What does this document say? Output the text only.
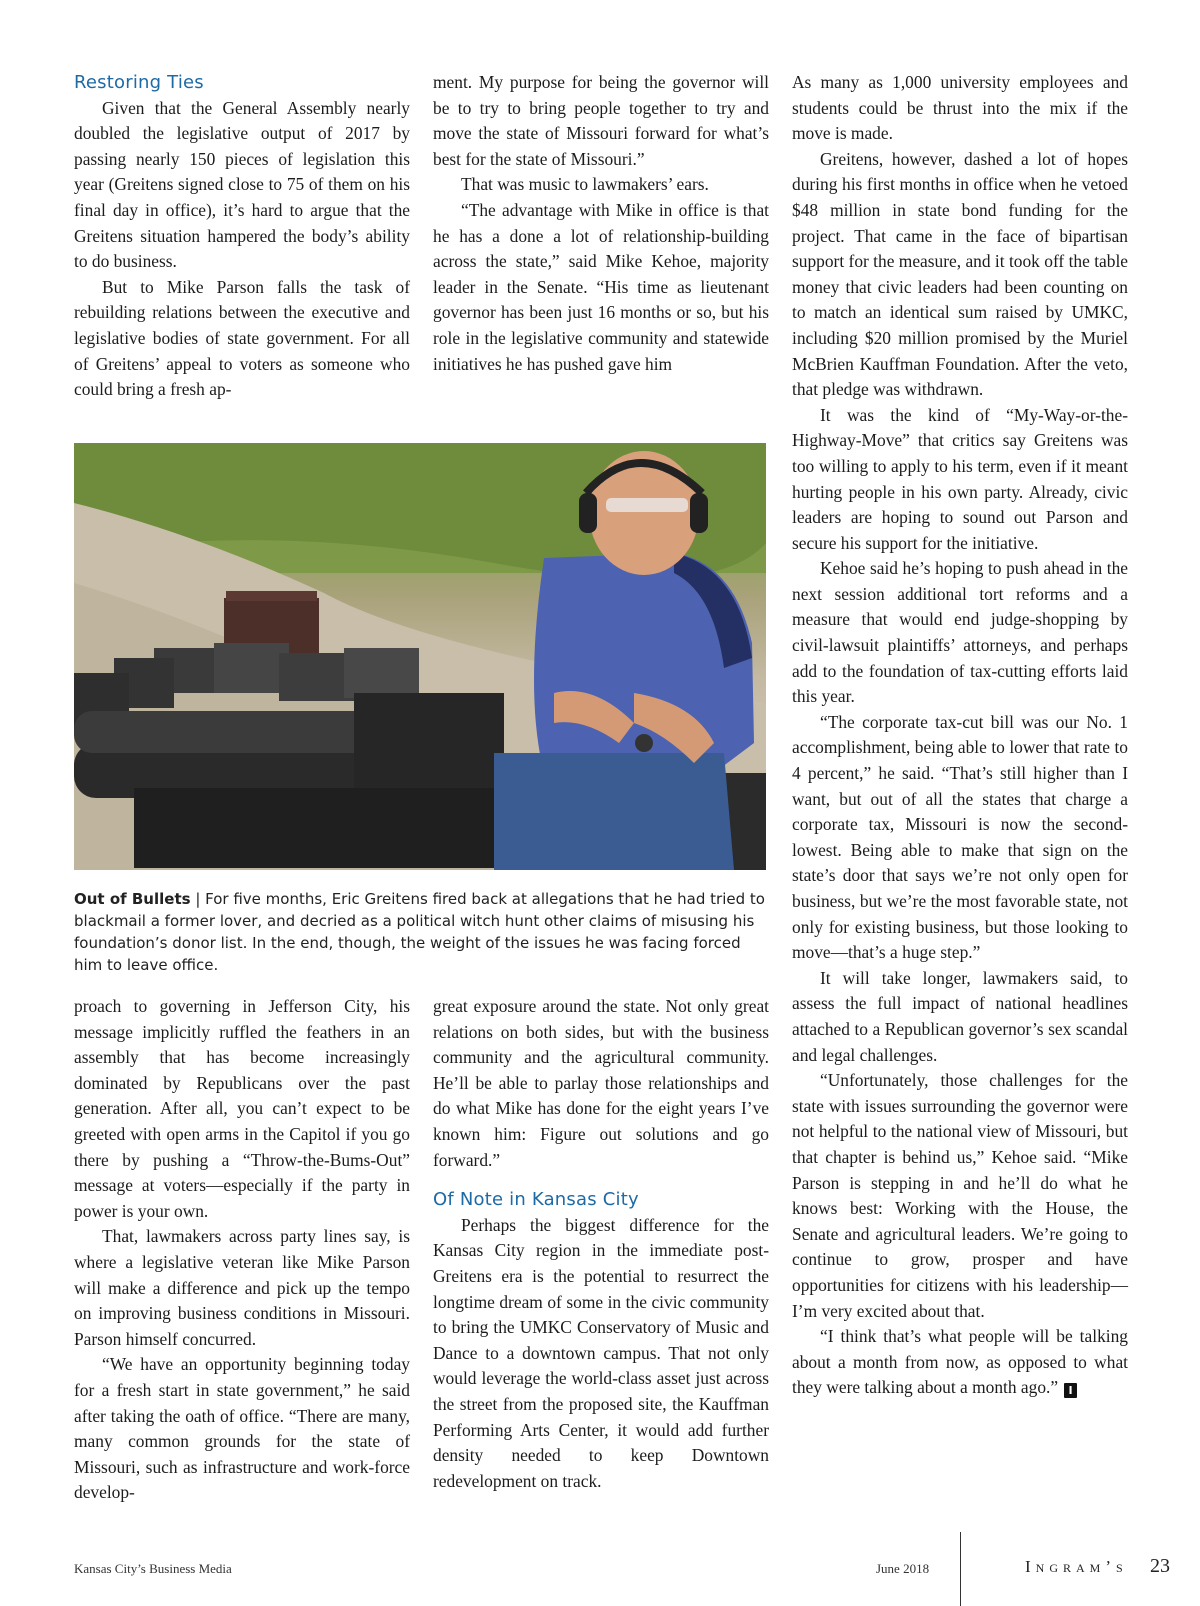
Restoring Ties

Given that the General Assembly nearly doubled the legislative output of 2017 by passing nearly 150 pieces of legislation this year (Greitens signed close to 75 of them on his final day in office), it’s hard to argue that the Greitens situation hampered the body’s ability to do business.

But to Mike Parson falls the task of rebuilding relations between the executive and legislative bodies of state government. For all of Greitens’ appeal to voters as someone who could bring a fresh ap-

ment. My purpose for being the governor will be to try to bring people together to try and move the state of Missouri forward for what’s best for the state of Missouri.”

That was music to lawmakers’ ears.

“The advantage with Mike in office is that he has a done a lot of relationship-building across the state,” said Mike Kehoe, majority leader in the Senate. “His time as lieutenant governor has been just 16 months or so, but his role in the legislative community and statewide initiatives he has pushed gave him

As many as 1,000 university employees and students could be thrust into the mix if the move is made.

Greitens, however, dashed a lot of hopes during his first months in office when he vetoed $48 million in state bond funding for the project. That came in the face of bipartisan support for the measure, and it took off the table money that civic leaders had been counting on to match an identical sum raised by UMKC, including $20 million promised by the Muriel McBrien Kauffman Foundation. After the veto, that pledge was withdrawn.

It was the kind of “My-Way-or-the-Highway-Move” that critics say Greitens was too willing to apply to his term, even if it meant hurting people in his own party. Already, civic leaders are hoping to sound out Parson and secure his support for the initiative.

Kehoe said he’s hoping to push ahead in the next session additional tort reforms and a measure that would end judge-shopping by civil-lawsuit plaintiffs’ attorneys, and perhaps add to the foundation of tax-cutting efforts laid this year.

“The corporate tax-cut bill was our No. 1 accomplishment, being able to lower that rate to 4 percent,” he said. “That’s still higher than I want, but out of all the states that charge a corporate tax, Missouri is now the second-lowest. Being able to make that sign on the state’s door that says we’re not only open for business, but we’re the most favorable state, not only for existing business, but those looking to move—that’s a huge step.”

It will take longer, lawmakers said, to assess the full impact of national headlines attached to a Republican governor’s sex scandal and legal challenges.

“Unfortunately, those challenges for the state with issues surrounding the governor were not helpful to the national view of Missouri, but that chapter is behind us,” Kehoe said. “Mike Parson is stepping in and he’ll do what he knows best: Working with the House, the Senate and agricultural leaders. We’re going to continue to grow, prosper and have opportunities for citizens with his leadership—I’m very excited about that.

“I think that’s what people will be talking about a month from now, as opposed to what they were talking about a month ago.” I

Out of Bullets | For five months, Eric Greitens fired back at allegations that he had tried to blackmail a former lover, and decried as a political witch hunt other claims of misusing his foundation’s donor list. In the end, though, the weight of the issues he was facing forced him to leave office.

proach to governing in Jefferson City, his message implicitly ruffled the feathers in an assembly that has become increasingly dominated by Republicans over the past generation. After all, you can’t expect to be greeted with open arms in the Capitol if you go there by pushing a “Throw-the-Bums-Out” message at voters—especially if the party in power is your own.

That, lawmakers across party lines say, is where a legislative veteran like Mike Parson will make a difference and pick up the tempo on improving business conditions in Missouri. Parson himself concurred.

“We have an opportunity beginning today for a fresh start in state government,” he said after taking the oath of office. “There are many, many common grounds for the state of Missouri, such as infrastructure and work-force develop-

great exposure around the state. Not only great relations on both sides, but with the business community and the agricultural community. He’ll be able to parlay those relationships and do what Mike has done for the eight years I’ve known him: Figure out solutions and go forward.”

Of Note in Kansas City

Perhaps the biggest difference for the Kansas City region in the immediate post-Greitens era is the potential to resurrect the longtime dream of some in the civic community to bring the UMKC Conservatory of Music and Dance to a downtown campus. That not only would leverage the world-class asset just across the street from the proposed site, the Kauffman Performing Arts Center, it would add further density needed to keep Downtown redevelopment on track.

Kansas City’s Business Media	June 2018	Ingram’s 23
